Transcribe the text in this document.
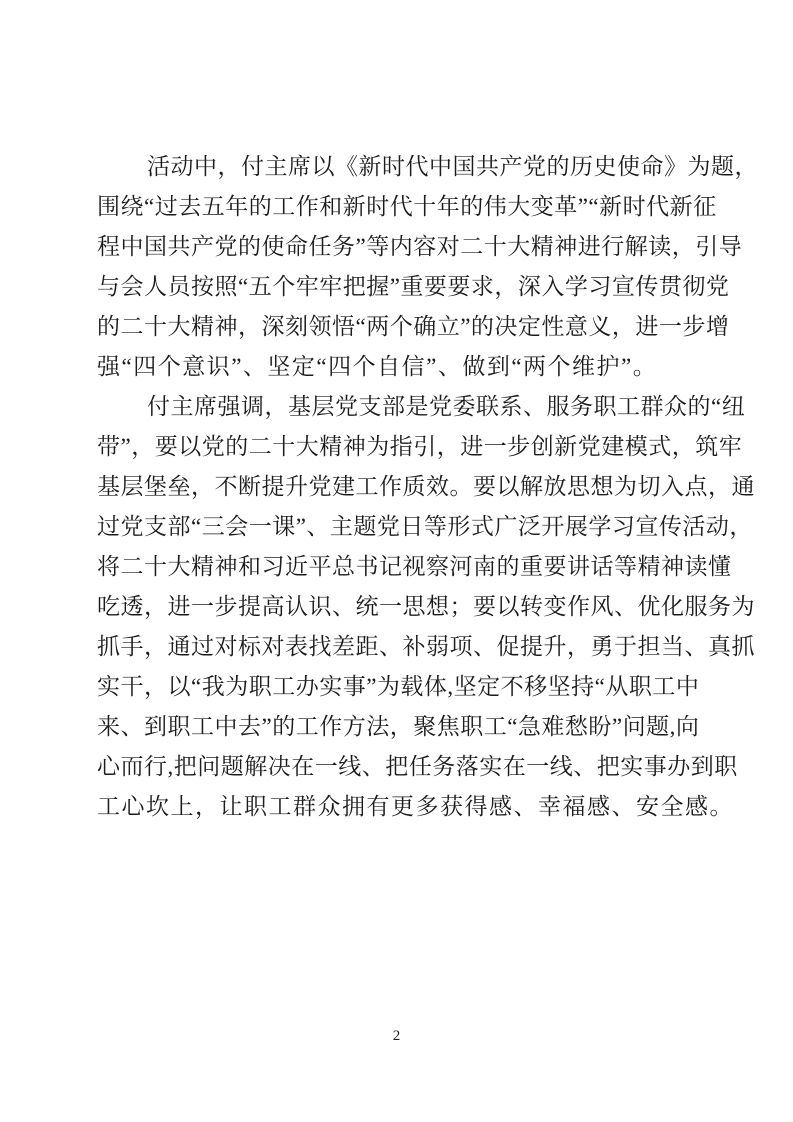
活动中，付主席以《新时代中国共产党的历史使命》为题，
围绕“过去五年的工作和新时代十年的伟大变革”“新时代新征
程中国共产党的使命任务”等内容对二十大精神进行解读，引导
与会人员按照“五个牢牢把握”重要要求，深入学习宣传贯彻党
的二十大精神，深刻领悟“两个确立”的决定性意义，进一步增
强“四个意识”、坚定“四个自信”、做到“两个维护”。
付主席强调，基层党支部是党委联系、服务职工群众的“纽
带”，要以党的二十大精神为指引，进一步创新党建模式，筑牢
基层堡垒，不断提升党建工作质效。要以解放思想为切入点，通
过党支部“三会一课”、主题党日等形式广泛开展学习宣传活动，
将二十大精神和习近平总书记视察河南的重要讲话等精神读懂
吃透，进一步提高认识、统一思想；要以转变作风、优化服务为
抓手，通过对标对表找差距、补弱项、促提升，勇于担当、真抓
实干，以“我为职工办实事”为载体,坚定不移坚持“从职工中
来、到职工中去”的工作方法，聚焦职工“急难愁盼”问题,向
心而行,把问题解决在一线、把任务落实在一线、把实事办到职
工心坎上，让职工群众拥有更多获得感、幸福感、安全感。
2
